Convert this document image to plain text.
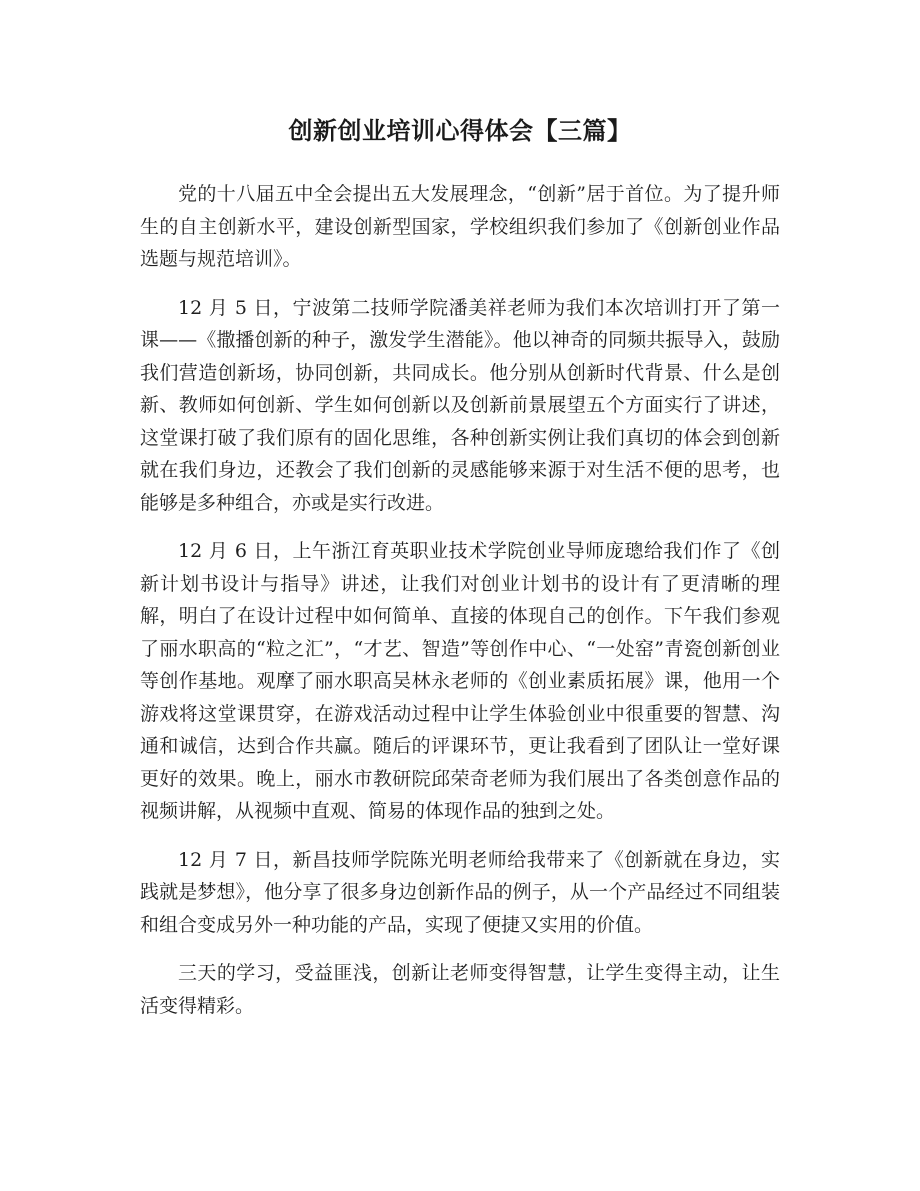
创新创业培训心得体会【三篇】

党的十八届五中全会提出五大发展理念，“创新”居于首位。为了提升师生的自主创新水平，建设创新型国家，学校组织我们参加了《创新创业作品选题与规范培训》。

12 月 5 日，宁波第二技师学院潘美祥老师为我们本次培训打开了第一课——《撒播创新的种子，激发学生潜能》。他以神奇的同频共振导入，鼓励我们营造创新场，协同创新，共同成长。他分别从创新时代背景、什么是创新、教师如何创新、学生如何创新以及创新前景展望五个方面实行了讲述，这堂课打破了我们原有的固化思维，各种创新实例让我们真切的体会到创新就在我们身边，还教会了我们创新的灵感能够来源于对生活不便的思考，也能够是多种组合，亦或是实行改进。

12 月 6 日，上午浙江育英职业技术学院创业导师庞璁给我们作了《创新计划书设计与指导》讲述，让我们对创业计划书的设计有了更清晰的理解，明白了在设计过程中如何简单、直接的体现自己的创作。下午我们参观了丽水职高的“粒之汇”，“才艺、智造”等创作中心、“一处窑”青瓷创新创业等创作基地。观摩了丽水职高吴林永老师的《创业素质拓展》课，他用一个游戏将这堂课贯穿，在游戏活动过程中让学生体验创业中很重要的智慧、沟通和诚信，达到合作共赢。随后的评课环节，更让我看到了团队让一堂好课更好的效果。晚上，丽水市教研院邱荣奇老师为我们展出了各类创意作品的视频讲解，从视频中直观、简易的体现作品的独到之处。

12 月 7 日，新昌技师学院陈光明老师给我带来了《创新就在身边，实践就是梦想》，他分享了很多身边创新作品的例子，从一个产品经过不同组装和组合变成另外一种功能的产品，实现了便捷又实用的价值。

三天的学习，受益匪浅，创新让老师变得智慧，让学生变得主动，让生活变得精彩。
